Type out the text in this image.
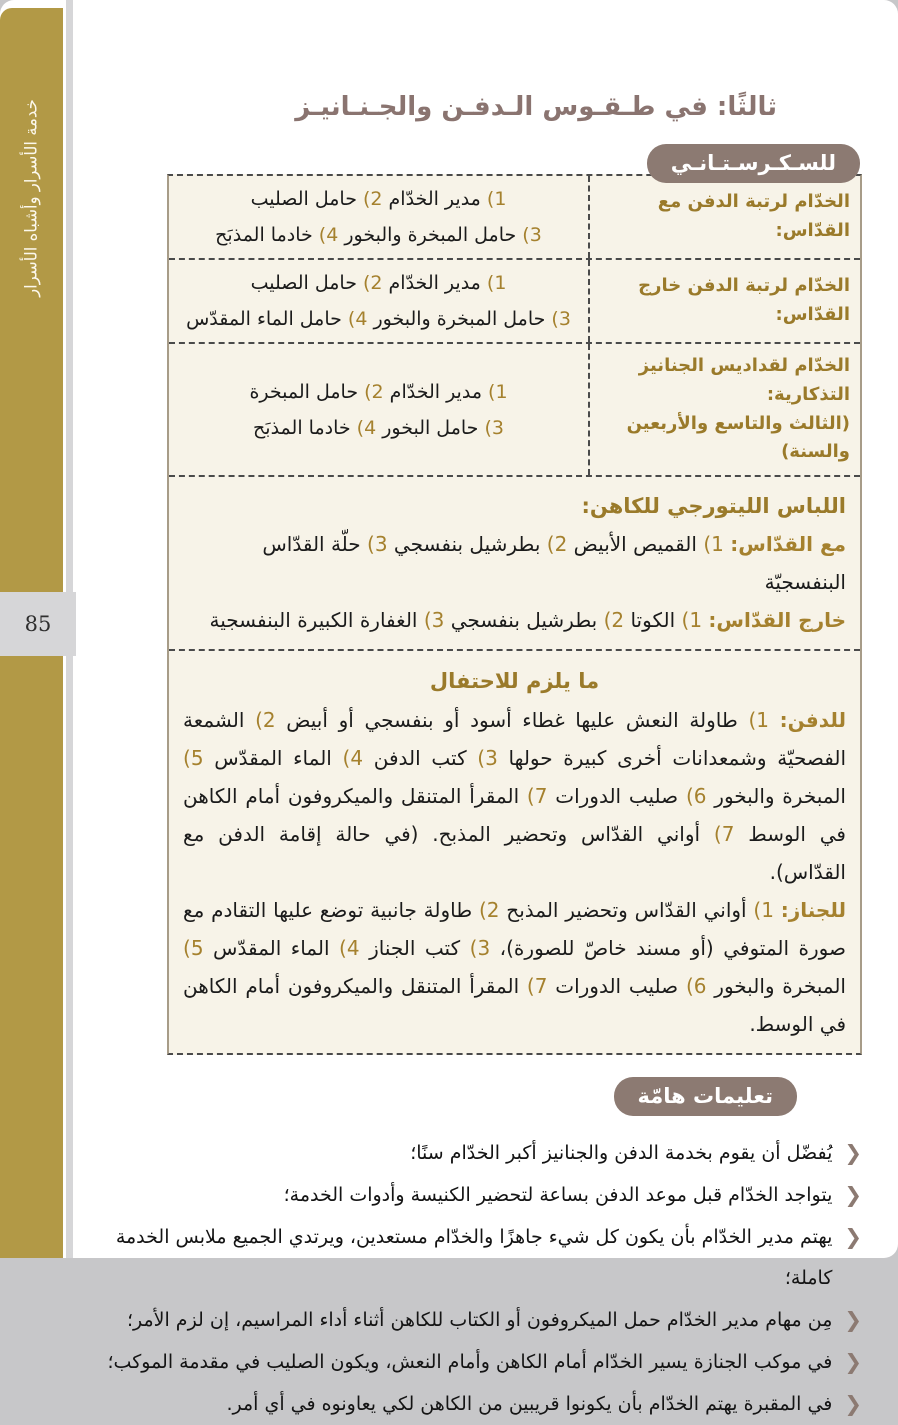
خدمة الأسرار وأشباه الأسرار
85
ثالثًا: في طـقـوس الـدفـن والجـنـانيـز
للسـكـرسـتـانـي
الخدّام لرتبة الدفن مع القدّاس:
1) مدير الخدّام 2) حامل الصليب
3) حامل المبخرة والبخور 4) خادما المذبَح
الخدّام لرتبة الدفن خارج القدّاس:
1) مدير الخدّام 2) حامل الصليب
3) حامل المبخرة والبخور 4) حامل الماء المقدّس
الخدّام لقداديس الجنانيز التذكارية:
(الثالث والتاسع والأربعين والسنة)
1) مدير الخدّام 2) حامل المبخرة
3) حامل البخور 4) خادما المذبَح
اللباس الليتورجي للكاهن:
مع القدّاس: 1) القميص الأبيض 2) بطرشيل بنفسجي 3) حلّة القدّاس البنفسجيّة
خارج القدّاس: 1) الكوتا 2) بطرشيل بنفسجي 3) الغفارة الكبيرة البنفسجية
ما يلزم للاحتفال

للدفن: 1) طاولة النعش عليها غطاء أسود أو بنفسجي أو أبيض 2) الشمعة الفصحيّة وشمعدانات أخرى كبيرة حولها 3) كتب الدفن 4) الماء المقدّس 5) المبخرة والبخور 6) صليب الدورات 7) المقرأ المتنقل والميكروفون أمام الكاهن في الوسط 7) أواني القدّاس وتحضير المذبح. (في حالة إقامة الدفن مع القدّاس).

للجناز: 1) أواني القدّاس وتحضير المذبح 2) طاولة جانبية توضع عليها التقادم مع صورة المتوفي (أو مسند خاصّ للصورة)، 3) كتب الجناز 4) الماء المقدّس 5) المبخرة والبخور 6) صليب الدورات 7) المقرأ المتنقل والميكروفون أمام الكاهن في الوسط.

تعليمات هامّة
❮
يُفضّل أن يقوم بخدمة الدفن والجنانيز أكبر الخدّام سنًا؛
❮
يتواجد الخدّام قبل موعد الدفن بساعة لتحضير الكنيسة وأدوات الخدمة؛
❮
يهتم مدير الخدّام بأن يكون كل شيء جاهزًا والخدّام مستعدين، ويرتدي الجميع ملابس الخدمة كاملة؛
❮
مِن مهام مدير الخدّام حمل الميكروفون أو الكتاب للكاهن أثناء أداء المراسيم، إن لزم الأمر؛
❮
في موكب الجنازة يسير الخدّام أمام الكاهن وأمام النعش، ويكون الصليب في مقدمة الموكب؛
❮
في المقبرة يهتم الخدّام بأن يكونوا قريبين من الكاهن لكي يعاونوه في أي أمر.
